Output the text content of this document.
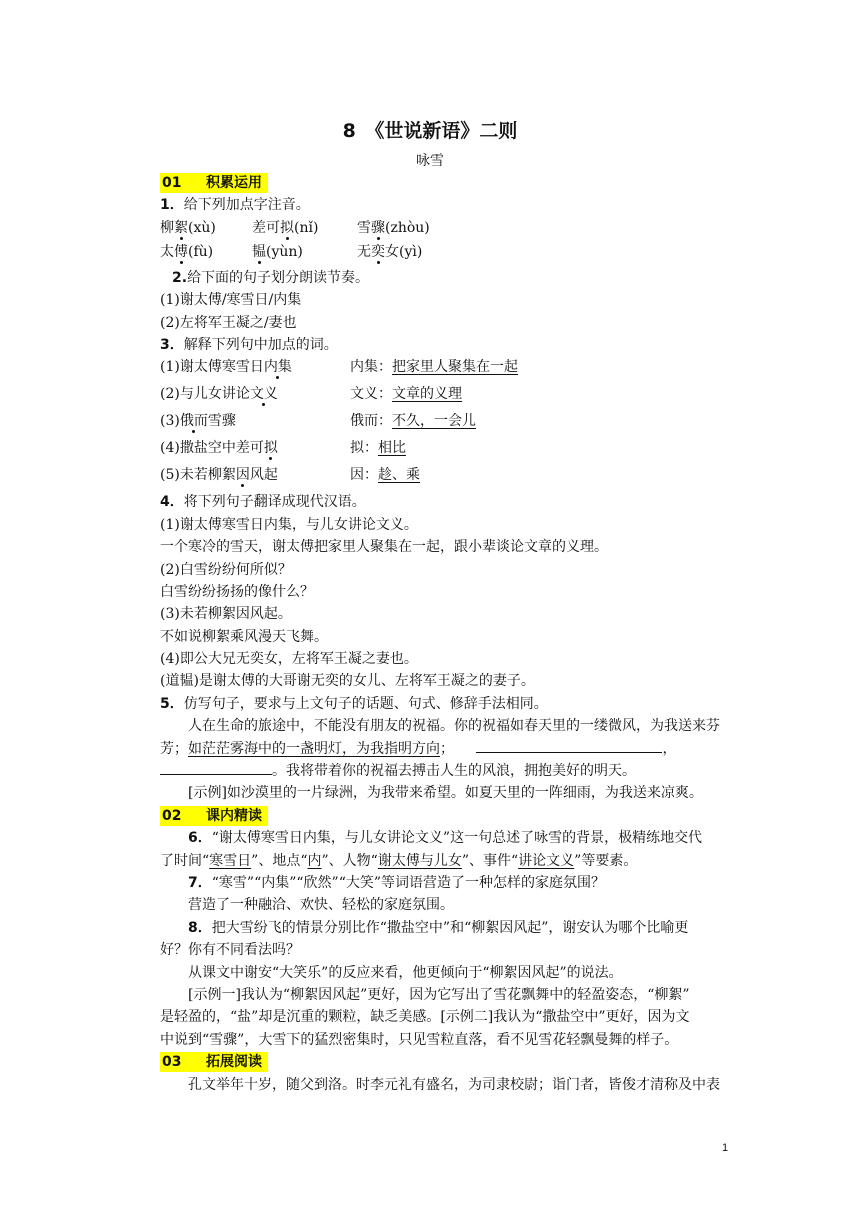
8　《世说新语》二则
咏雪
01 积累运用
1．给下列加点字注音。
柳絮(xù)	差可拟(nǐ)	雪骤(zhòu)
太傅(fù)	韫(yùn)	无奕女(yì)
2.给下面的句子划分朗读节奏。
(1)谢太傅/寒雪日/内集
(2)左将军王凝之/妻也
3．解释下列句中加点的词。
(1)谢太傅寒雪日内集	内集：把家里人聚集在一起
(2)与儿女讲论文义	文义：文章的义理
(3)俄而雪骤	俄而：不久，一会儿
(4)撒盐空中差可拟	拟：相比
(5)未若柳絮因风起	因：趁、乘
4．将下列句子翻译成现代汉语。
(1)谢太傅寒雪日内集，与儿女讲论文义。
一个寒冷的雪天，谢太傅把家里人聚集在一起，跟小辈谈论文章的义理。
(2)白雪纷纷何所似？
白雪纷纷扬扬的像什么？
(3)未若柳絮因风起。
不如说柳絮乘风漫天飞舞。
(4)即公大兄无奕女，左将军王凝之妻也。
(道韫)是谢太傅的大哥谢无奕的女儿、左将军王凝之的妻子。
5．仿写句子，要求与上文句子的话题、句式、修辞手法相同。
人在生命的旅途中，不能没有朋友的祝福。你的祝福如春天里的一缕微风，为我送来芬
芳；如茫茫雾海中的一盏明灯，为我指明方向；	，
。我将带着你的祝福去搏击人生的风浪，拥抱美好的明天。
[示例]如沙漠里的一片绿洲，为我带来希望。如夏天里的一阵细雨，为我送来凉爽。
02 课内精读
6．“谢太傅寒雪日内集，与儿女讲论文义”这一句总述了咏雪的背景，极精练地交代
了时间“寒雪日”、地点“内”、人物“谢太傅与儿女”、事件“讲论文义”等要素。
7．“寒雪”“内集”“欣然”“大笑”等词语营造了一种怎样的家庭氛围？
营造了一种融洽、欢快、轻松的家庭氛围。
8．把大雪纷飞的情景分别比作“撒盐空中”和“柳絮因风起”，谢安认为哪个比喻更
好？你有不同看法吗？
从课文中谢安“大笑乐”的反应来看，他更倾向于“柳絮因风起”的说法。
[示例一]我认为“柳絮因风起”更好，因为它写出了雪花飘舞中的轻盈姿态，“柳絮”
是轻盈的，“盐”却是沉重的颗粒，缺乏美感。[示例二]我认为“撒盐空中”更好，因为文
中说到“雪骤”，大雪下的猛烈密集时，只见雪粒直落，看不见雪花轻飘曼舞的样子。
03 拓展阅读
孔文举年十岁，随父到洛。时李元礼有盛名，为司隶校尉；诣门者，皆俊才清称及中表
1
